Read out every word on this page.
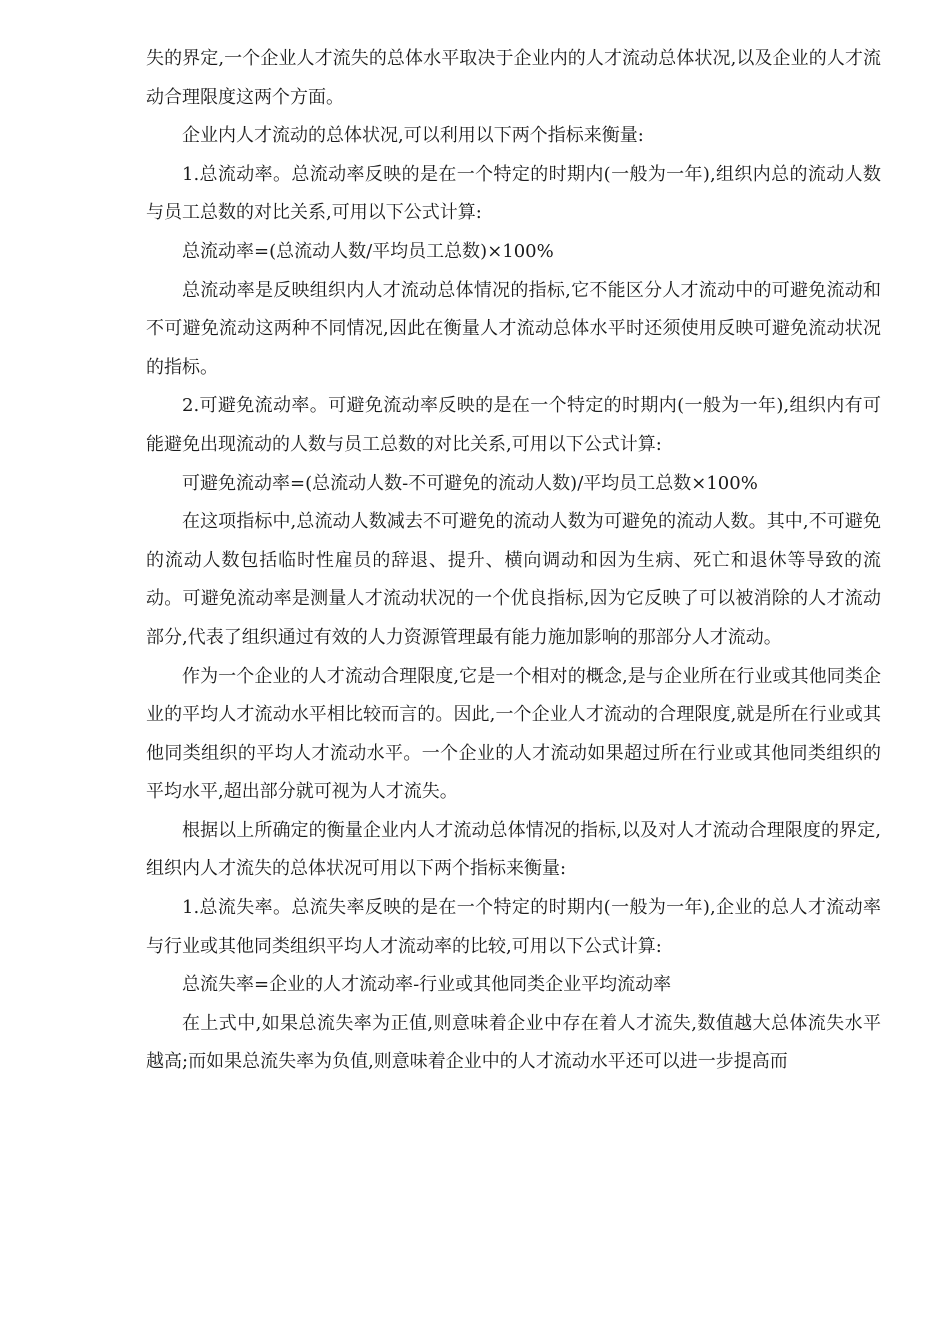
失的界定,一个企业人才流失的总体水平取决于企业内的人才流动总体状况,以及企业的人才流动合理限度这两个方面。

企业内人才流动的总体状况,可以利用以下两个指标来衡量:

1.总流动率。总流动率反映的是在一个特定的时期内(一般为一年),组织内总的流动人数与员工总数的对比关系,可用以下公式计算:

总流动率=(总流动人数/平均员工总数)×100%

总流动率是反映组织内人才流动总体情况的指标,它不能区分人才流动中的可避免流动和不可避免流动这两种不同情况,因此在衡量人才流动总体水平时还须使用反映可避免流动状况的指标。

2.可避免流动率。可避免流动率反映的是在一个特定的时期内(一般为一年),组织内有可能避免出现流动的人数与员工总数的对比关系,可用以下公式计算:

可避免流动率=(总流动人数-不可避免的流动人数)/平均员工总数×100%

在这项指标中,总流动人数减去不可避免的流动人数为可避免的流动人数。其中,不可避免的流动人数包括临时性雇员的辞退、提升、横向调动和因为生病、死亡和退休等导致的流动。可避免流动率是测量人才流动状况的一个优良指标,因为它反映了可以被消除的人才流动部分,代表了组织通过有效的人力资源管理最有能力施加影响的那部分人才流动。

作为一个企业的人才流动合理限度,它是一个相对的概念,是与企业所在行业或其他同类企业的平均人才流动水平相比较而言的。因此,一个企业人才流动的合理限度,就是所在行业或其他同类组织的平均人才流动水平。一个企业的人才流动如果超过所在行业或其他同类组织的平均水平,超出部分就可视为人才流失。

根据以上所确定的衡量企业内人才流动总体情况的指标,以及对人才流动合理限度的界定,组织内人才流失的总体状况可用以下两个指标来衡量:

1.总流失率。总流失率反映的是在一个特定的时期内(一般为一年),企业的总人才流动率与行业或其他同类组织平均人才流动率的比较,可用以下公式计算:

总流失率=企业的人才流动率-行业或其他同类企业平均流动率

在上式中,如果总流失率为正值,则意味着企业中存在着人才流失,数值越大总体流失水平越高;而如果总流失率为负值,则意味着企业中的人才流动水平还可以进一步提高而
